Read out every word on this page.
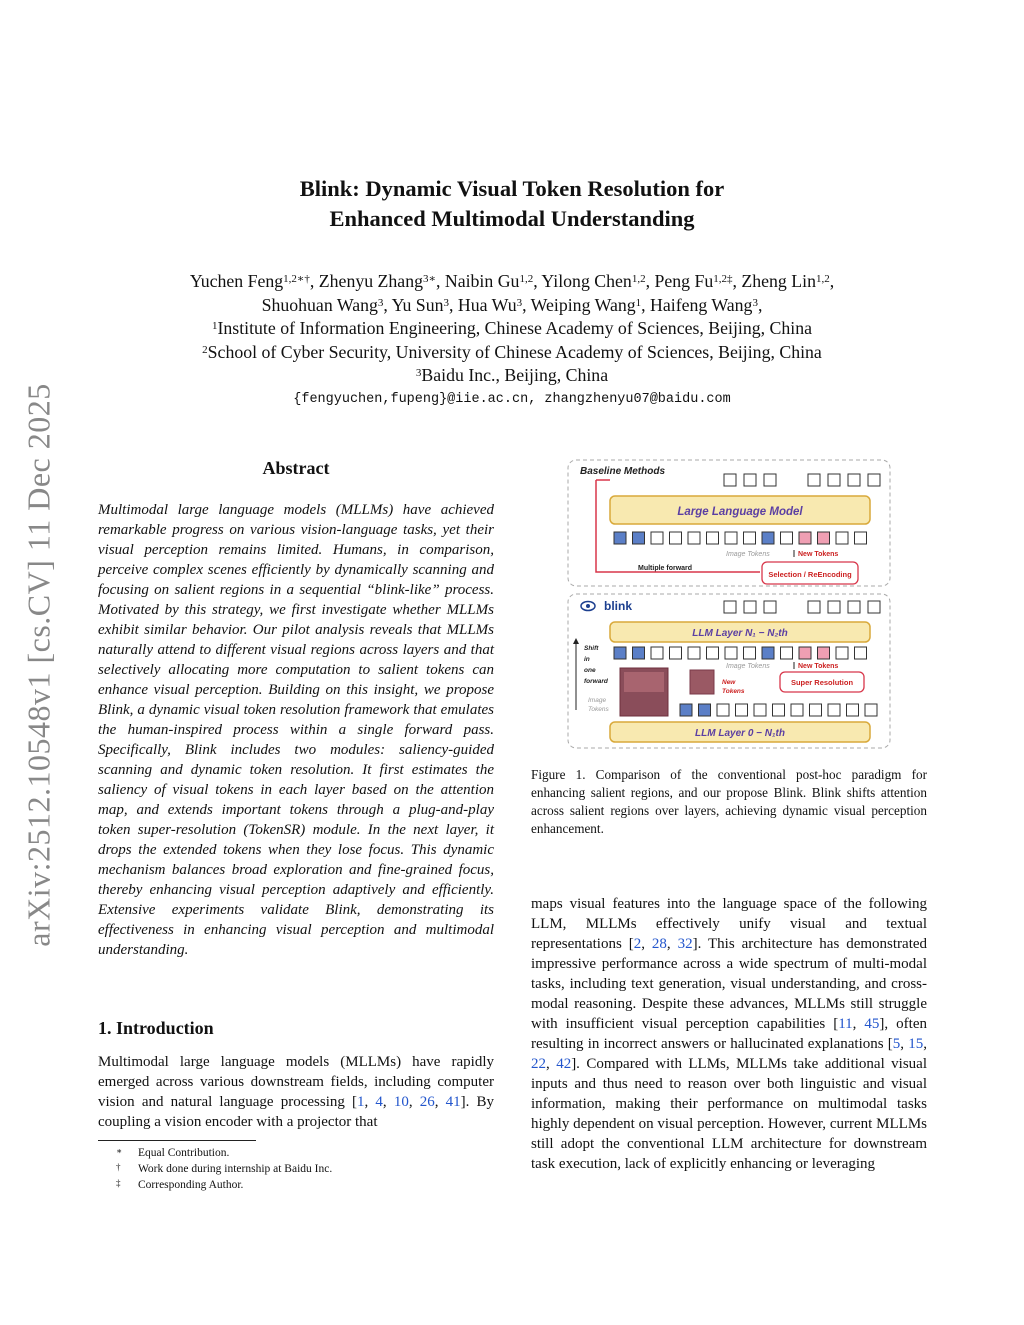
arXiv:2512.10548v1 [cs.CV] 11 Dec 2025
Blink: Dynamic Visual Token Resolution for
Enhanced Multimodal Understanding
Yuchen Feng$^{1,2∗\dagger}$, Zhenyu Zhang$^{3∗}$, Naibin Gu$^{1,2}$, Yilong Chen$^{1,2}$, Peng $Fu^{1,2\ddagger}$, Zheng Lin$^{1,2}$,
Shuohuan Wang$^3$, Yu Sun$^3$, Hua Wu$^3$, Weiping Wang$^1$, Haifeng Wang$^3$,
$^1$Institute of Information Engineering, Chinese Academy of Sciences, Beijing, China
$^2$School of Cyber Security, University of Chinese Academy of Sciences, Beijing, China
$^3$Baidu Inc., Beijing, China
{fengyuchen,fupeng}@iie.ac.cn, zhangzhenyu07@baidu.com
Abstract
Multimodal large language models (MLLMs) have achieved remarkable progress on various vision-language tasks, yet their visual perception remains limited. Humans, in comparison, perceive complex scenes efficiently by dynamically scanning and focusing on salient regions in a sequential “blink-like” process. Motivated by this strategy, we first investigate whether MLLMs exhibit similar behavior. Our pilot analysis reveals that MLLMs naturally attend to different visual regions across layers and that selectively allocating more computation to salient tokens can enhance visual perception. Building on this insight, we propose Blink, a dynamic visual token resolution framework that emulates the human-inspired process within a single forward pass. Specifically, Blink includes two modules: saliency-guided scanning and dynamic token resolution. It first estimates the saliency of visual tokens in each layer based on the attention map, and extends important tokens through a plug-and-play token super-resolution (TokenSR) module. In the next layer, it drops the extended tokens when they lose focus. This dynamic mechanism balances broad exploration and fine-grained focus, thereby enhancing visual perception adaptively and efficiently. Extensive experiments validate Blink, demonstrating its effectiveness in enhancing visual perception and multimodal understanding.
1. Introduction
Multimodal large language models (MLLMs) have rapidly emerged across various downstream fields, including computer vision and natural language processing [1, 4, 10, 26, 41]. By coupling a vision encoder with a projector that
∗ Equal Contribution.
† Work done during internship at Baidu Inc.
‡ Corresponding Author.
Baseline Methods
Large Language Model
Image Tokens	New Tokens
Multiple forward
Selection / ReEncoding
blink
LLM Layer N₁ − N₂th
Shift
in
one
forward
Image Tokens	New Tokens
Image
Tokens
New
Tokens
Super Resolution
LLM Layer 0 − N₁th
Figure 1. Comparison of the conventional post-hoc paradigm for enhancing salient regions, and our propose Blink. Blink shifts attention across salient regions over layers, achieving dynamic visual perception enhancement.
maps visual features into the language space of the following LLM, MLLMs effectively unify visual and textual representations [2, 28, 32]. This architecture has demonstrated impressive performance across a wide spectrum of multi-modal tasks, including text generation, visual understanding, and cross-modal reasoning. Despite these advances, MLLMs still struggle with insufficient visual perception capabilities [11, 45], often resulting in incorrect answers or hallucinated explanations [5, 15, 22, 42]. Compared with LLMs, MLLMs take additional visual inputs and thus need to reason over both linguistic and visual information, making their performance on multimodal tasks highly dependent on visual perception. However, current MLLMs still adopt the conventional LLM architecture for downstream task execution, lack of explicitly enhancing or leveraging
